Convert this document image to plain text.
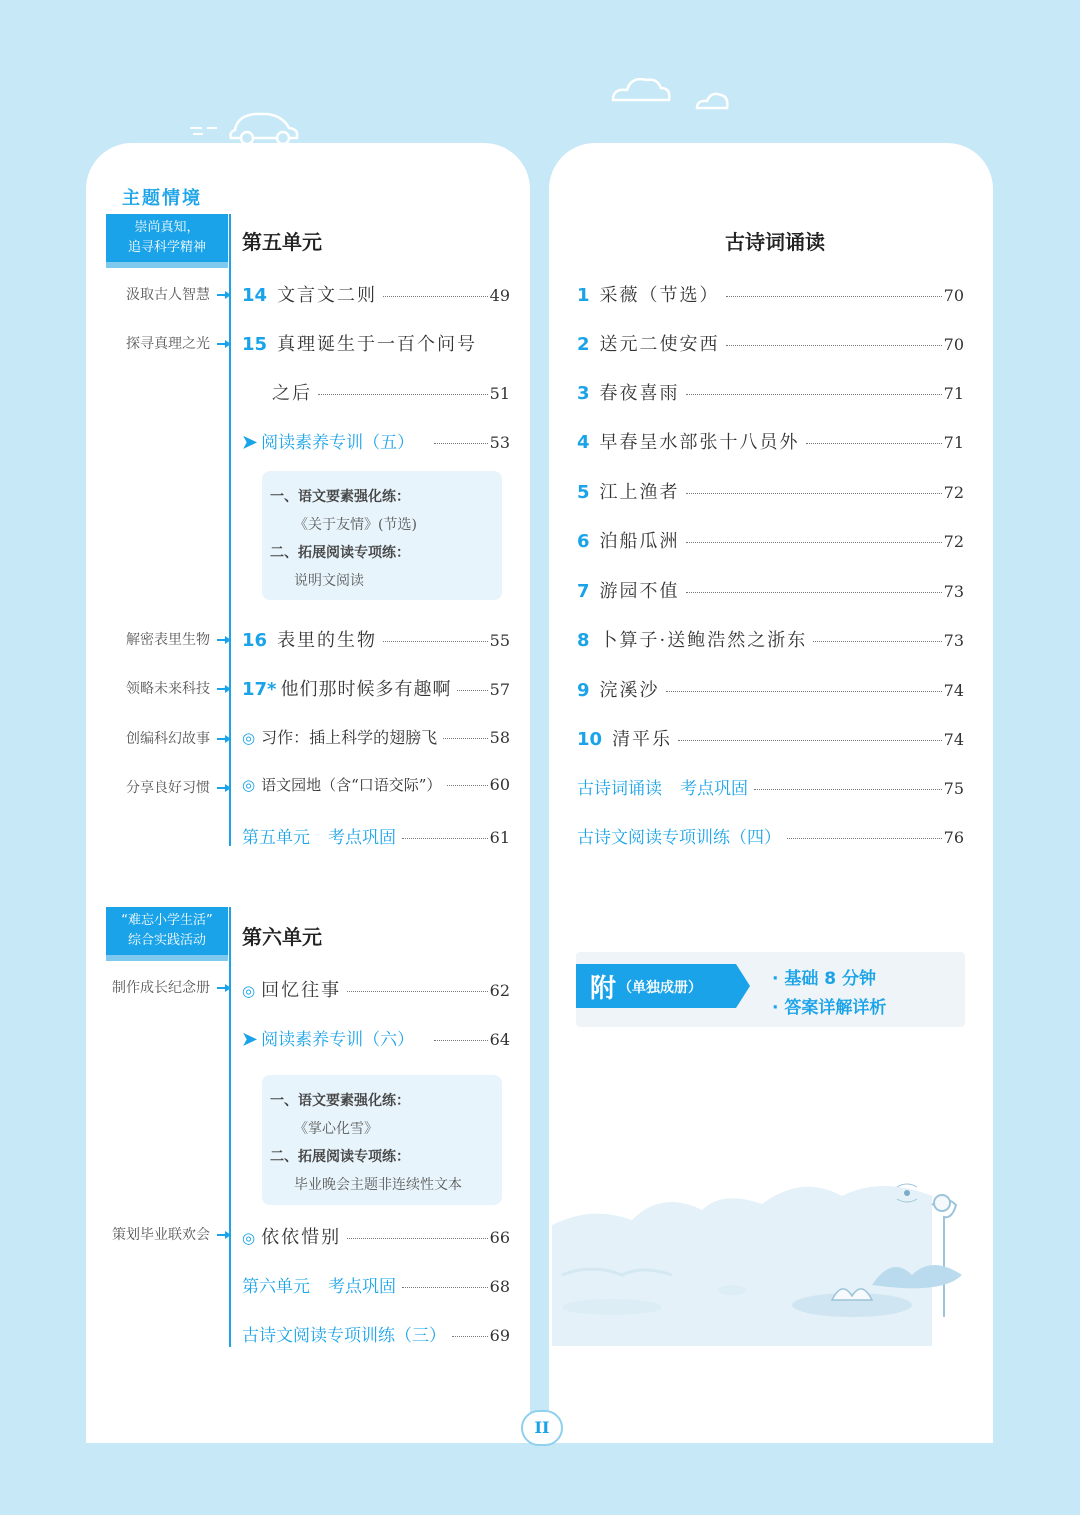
主题情境
崇尚真知，
追寻科学精神	第五单元
汲取古人智慧 14 文言文二则	49
探寻真理之光 15 真理诞生于一百个问号
之后	51
➤ 阅读素养专训（五）	53
一、语文要素强化练：
《关于友情》(节选)
二、拓展阅读专项练：
说明文阅读
解密表里生物 16 表里的生物	55
领略未来科技 17* 他们那时候多有趣啊 57
创编科幻故事 ◎ 习作：插上科学的翅膀飞	58
分享良好习惯 ◎ 语文园地（含“口语交际”）	60
第五单元 考点巩固	61
“难忘小学生活”
综合实践活动	第六单元
制作成长纪念册 ◎ 回忆往事	62
➤ 阅读素养专训（六）	64
一、语文要素强化练：
《掌心化雪》
二、拓展阅读专项练：
毕业晚会主题非连续性文本
策划毕业联欢会 ◎ 依依惜别	66
第六单元 考点巩固	68
古诗文阅读专项训练（三）	69
古诗词诵读
1 采薇（节选）	70
2 送元二使安西	70
3 春夜喜雨	71
4 早春呈水部张十八员外	71
5 江上渔者	72
6 泊船瓜洲	72
7 游园不值	73
8 卜算子·送鲍浩然之浙东	73
9 浣溪沙	74
10 清平乐	74
古诗词诵读 考点巩固	75
古诗文阅读专项训练（四）	76
附 （单独成册）	· 基础 8 分钟
· 答案详解详析
II
